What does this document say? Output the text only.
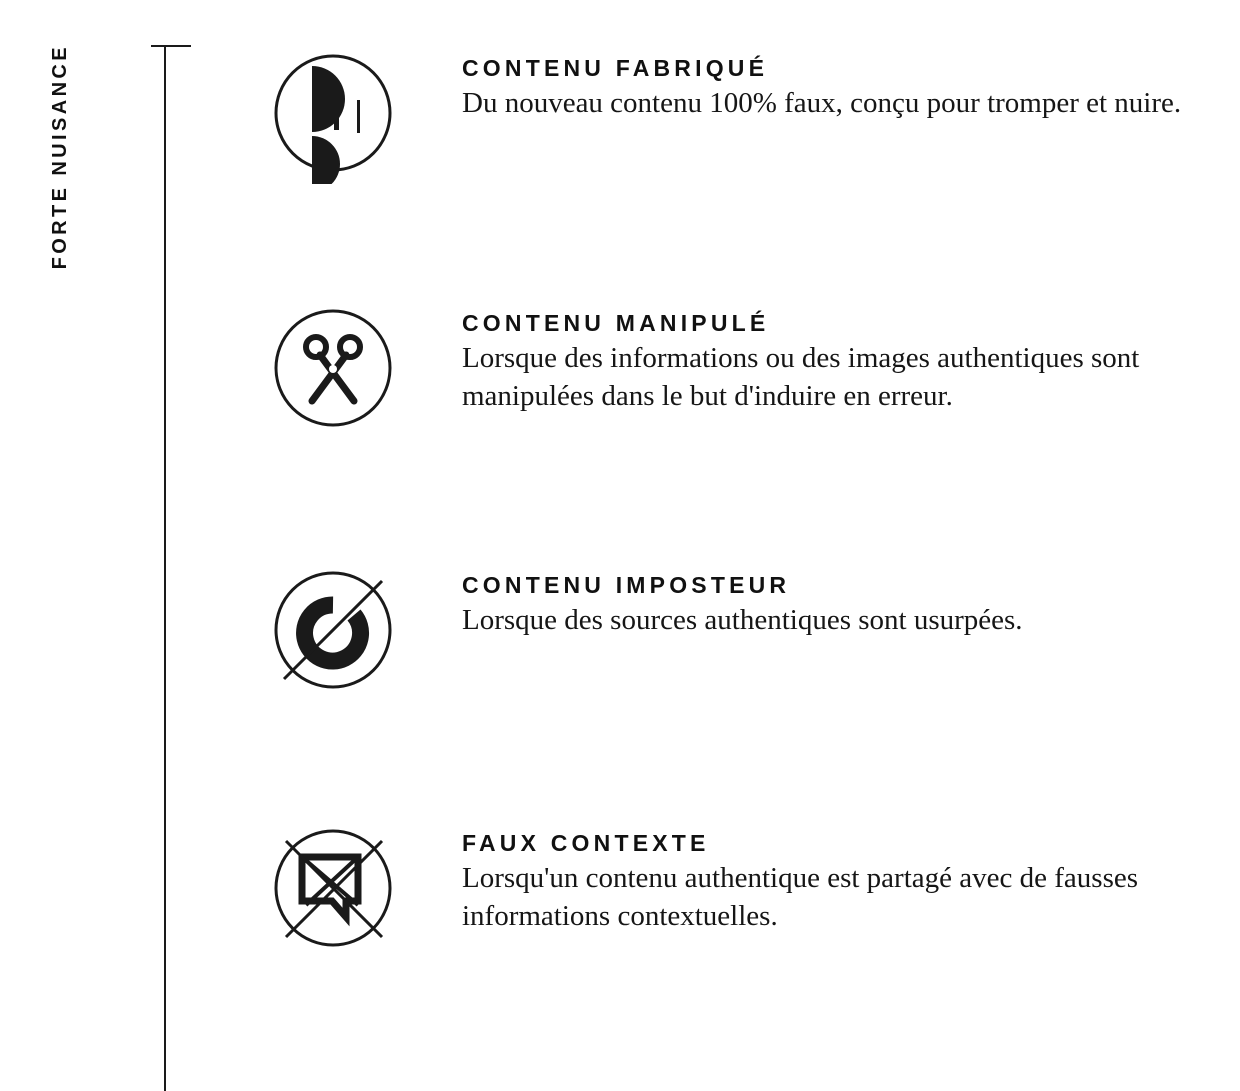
FORTE NUISANCE	CONTENU FABRIQUÉ

Du nouveau contenu 100% faux, conçu pour tromper et nuire.

CONTENU MANIPULÉ

Lorsque des informations ou des images authentiques sont manipulées dans le but d'induire en erreur.

CONTENU IMPOSTEUR

Lorsque des sources authentiques sont usurpées.

FAUX CONTEXTE

Lorsqu'un contenu authentique est partagé avec de fausses informations contextuelles.
